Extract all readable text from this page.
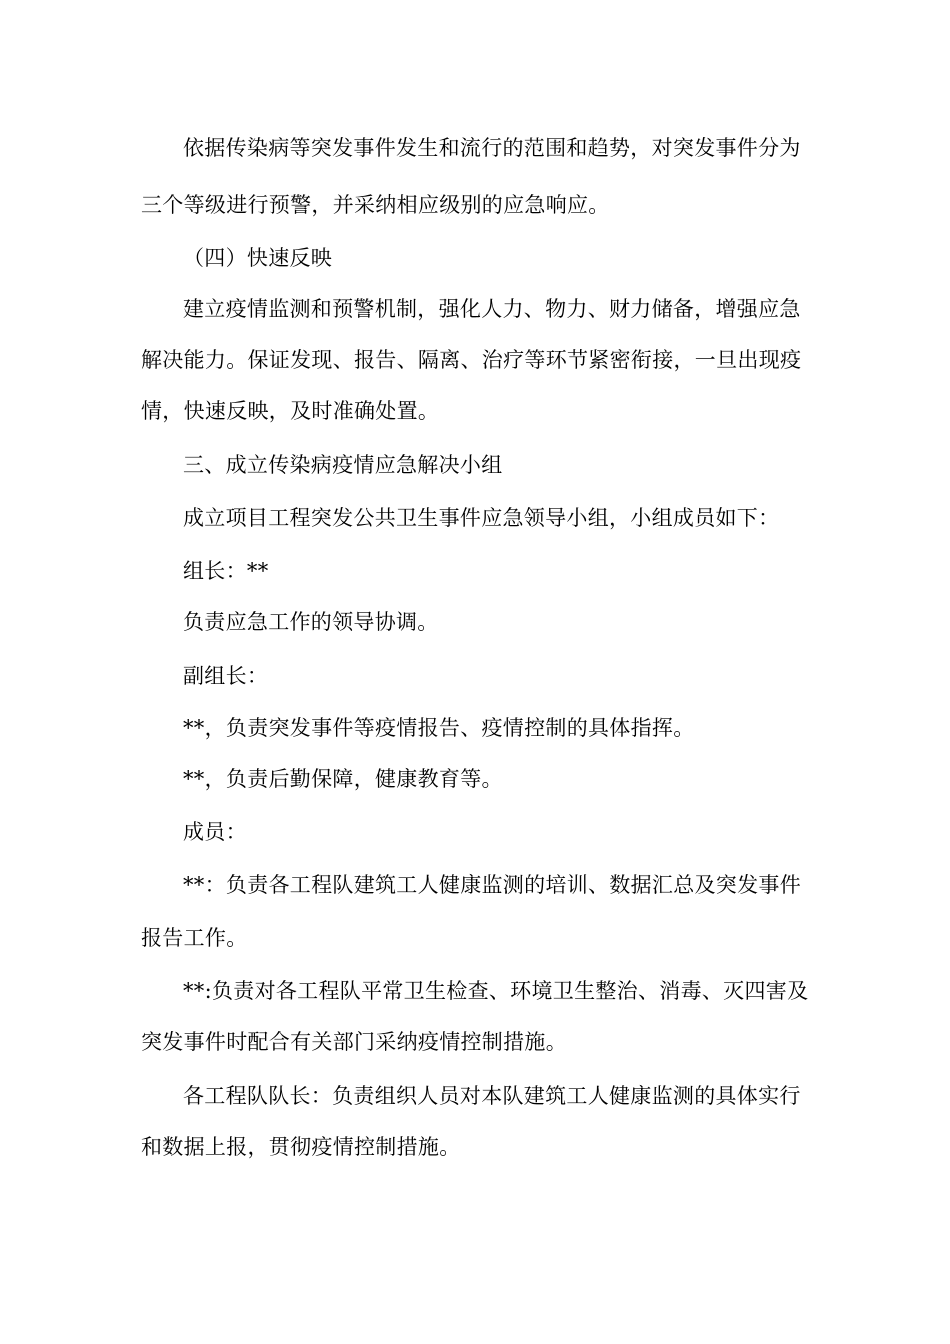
依据传染病等突发事件发生和流行的范围和趋势，对突发事件分为
三个等级进行预警，并采纳相应级别的应急响应。
（四）快速反映
建立疫情监测和预警机制，强化人力、物力、财力储备，增强应急
解决能力。保证发现、报告、隔离、治疗等环节紧密衔接，一旦出现疫
情，快速反映，及时准确处置。
三、成立传染病疫情应急解决小组
成立项目工程突发公共卫生事件应急领导小组，小组成员如下：
组长：**
负责应急工作的领导协调。
副组长：
**，负责突发事件等疫情报告、疫情控制的具体指挥。
**，负责后勤保障，健康教育等。
成员：
**：负责各工程队建筑工人健康监测的培训、数据汇总及突发事件
报告工作。
**:负责对各工程队平常卫生检查、环境卫生整治、消毒、灭四害及
突发事件时配合有关部门采纳疫情控制措施。
各工程队队长：负责组织人员对本队建筑工人健康监测的具体实行
和数据上报，贯彻疫情控制措施。
